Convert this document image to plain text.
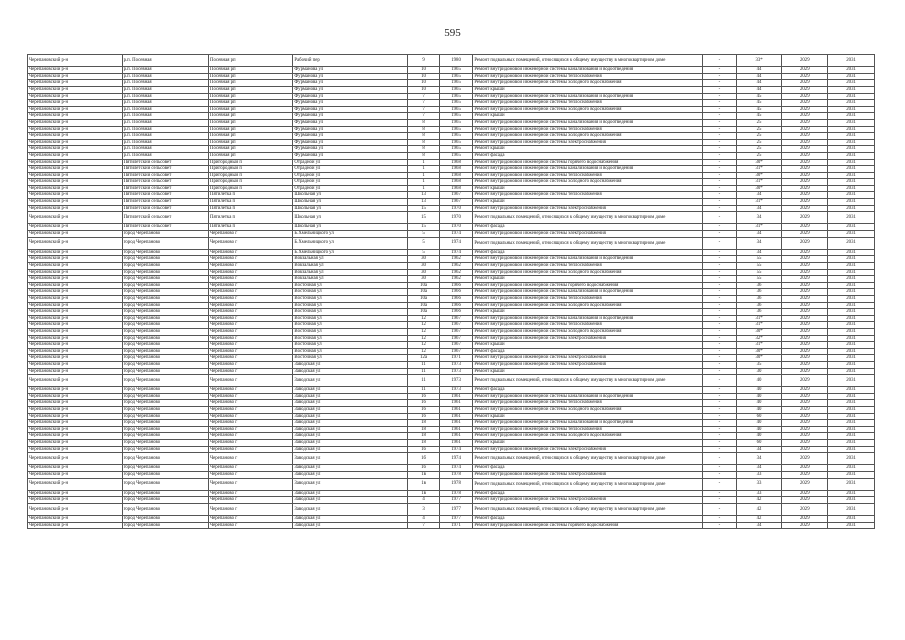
595
Черепановский р-н	р.п. Посевная	Посевная рп	Рабочий пер	9	1980	Ремонт подвальных помещений, относящихся к общему имуществу в многоквартирном доме	-	33*	2029	2031
Черепановский р-н	р.п. Посевная	Посевная рп	Фурманова ул	10	1965	Ремонт внутридомовой инженерной системы канализования и водоотведения	-	44	2029	2031
Черепановский р-н	р.п. Посевная	Посевная рп	Фурманова ул	10	1965	Ремонт внутридомовой инженерной системы теплоснабжения	-	44	2029	2031
Черепановский р-н	р.п. Посевная	Посевная рп	Фурманова ул	10	1965	Ремонт внутридомовой инженерной системы холодного водоснабжения	-	44	2029	2031
Черепановский р-н	р.п. Посевная	Посевная рп	Фурманова ул	10	1965	Ремонт крыши	-	44	2029	2031
Черепановский р-н	р.п. Посевная	Посевная рп	Фурманова ул	7	1965	Ремонт внутридомовой инженерной системы канализования и водоотведения	-	45	2029	2031
Черепановский р-н	р.п. Посевная	Посевная рп	Фурманова ул	7	1965	Ремонт внутридомовой инженерной системы теплоснабжения	-	45	2029	2031
Черепановский р-н	р.п. Посевная	Посевная рп	Фурманова ул	7	1965	Ремонт внутридомовой инженерной системы холодного водоснабжения	-	45	2029	2031
Черепановский р-н	р.п. Посевная	Посевная рп	Фурманова ул	7	1965	Ремонт крыши	-	45	2029	2031
Черепановский р-н	р.п. Посевная	Посевная рп	Фурманова ул	8	1965	Ремонт внутридомовой инженерной системы канализования и водоотведения	-	25	2029	2031
Черепановский р-н	р.п. Посевная	Посевная рп	Фурманова ул	8	1965	Ремонт внутридомовой инженерной системы теплоснабжения	-	25	2029	2031
Черепановский р-н	р.п. Посевная	Посевная рп	Фурманова ул	8	1965	Ремонт внутридомовой инженерной системы холодного водоснабжения	-	25	2029	2031
Черепановский р-н	р.п. Посевная	Посевная рп	Фурманова ул	8	1965	Ремонт внутридомовой инженерной системы электроснабжения	-	25	2029	2031
Черепановский р-н	р.п. Посевная	Посевная рп	Фурманова ул	8	1965	Ремонт крыши	-	25	2029	2031
Черепановский р-н	р.п. Посевная	Посевная рп	Фурманова ул	8	1965	Ремонт фасада	-	25	2029	2031
Черепановский р-н	Пятилетский сельсовет	Пригородный п	Отрадной ул	1	1968	Ремонт внутридомовой инженерной системы горячего водоснабжения	-	30*	2029	2031
Черепановский р-н	Пятилетский сельсовет	Пригородный п	Отрадной ул	1	1968	Ремонт внутридомовой инженерной системы канализования и водоотведения	-	31*	2029	2031
Черепановский р-н	Пятилетский сельсовет	Пригородный п	Отрадной ул	1	1968	Ремонт внутридомовой инженерной системы теплоснабжения	-	30*	2029	2031
Черепановский р-н	Пятилетский сельсовет	Пригородный п	Отрадной ул	1	1968	Ремонт внутридомовой инженерной системы холодного водоснабжения	-	31*	2029	2031
Черепановский р-н	Пятилетский сельсовет	Пригородный п	Отрадной ул	1	1968	Ремонт крыши	-	30*	2029	2031
Черепановский р-н	Пятилетский сельсовет	Пятилетка п	Школьная ул	13	1967	Ремонт внутридомовой инженерной системы теплоснабжения	-	34	2029	2031
Черепановский р-н	Пятилетский сельсовет	Пятилетка п	Школьная ул	13	1967	Ремонт крыши	-	31*	2029	2031
Черепановский р-н	Пятилетский сельсовет	Пятилетка п	Школьная ул	15	1970	Ремонт внутридомовой инженерной системы электроснабжения	-	34	2029	2031
Черепановский р-н	Пятилетский сельсовет	Пятилетка п	Школьная ул	15	1970	Ремонт подвальных помещений, относящихся к общему имуществу в многоквартирном доме	-	34	2029	2031
Черепановский р-н	Пятилетский сельсовет	Пятилетка п	Школьная ул	15	1970	Ремонт фасада	-	31*	2029	2031
Черепановский р-н	город Черепаново	Черепаново г	Б.Хмельницкого ул	5	1974	Ремонт внутридомовой инженерной системы электроснабжения	-	34	2029	2031
Черепановский р-н	город Черепаново	Черепаново г	Б.Хмельницкого ул	5	1974	Ремонт подвальных помещений, относящихся к общему имуществу в многоквартирном доме	-	34	2029	2031
Черепановский р-н	город Черепаново	Черепаново г	Б.Хмельницкого ул	5	1974	Ремонт фасада	-	34	2029	2031
Черепановский р-н	город Черепаново	Черепаново г	Вокзальная ул	30	1962	Ремонт внутридомовой инженерной системы канализования и водоотведения	-	55	2029	2031
Черепановский р-н	город Черепаново	Черепаново г	Вокзальная ул	30	1962	Ремонт внутридомовой инженерной системы теплоснабжения	-	55	2029	2031
Черепановский р-н	город Черепаново	Черепаново г	Вокзальная ул	30	1962	Ремонт внутридомовой инженерной системы холодного водоснабжения	-	55	2029	2031
Черепановский р-н	город Черепаново	Черепаново г	Вокзальная ул	30	1962	Ремонт крыши	-	55	2029	2031
Черепановский р-н	город Черепаново	Черепаново г	Восточная ул	10а	1966	Ремонт внутридомовой инженерной системы горячего водоснабжения	-	36	2029	2031
Черепановский р-н	город Черепаново	Черепаново г	Восточная ул	10а	1966	Ремонт внутридомовой инженерной системы канализования и водоотведения	-	36	2029	2031
Черепановский р-н	город Черепаново	Черепаново г	Восточная ул	10а	1966	Ремонт внутридомовой инженерной системы теплоснабжения	-	36	2029	2031
Черепановский р-н	город Черепаново	Черепаново г	Восточная ул	10а	1966	Ремонт внутридомовой инженерной системы холодного водоснабжения	-	36	2029	2031
Черепановский р-н	город Черепаново	Черепаново г	Восточная ул	10а	1966	Ремонт крыши	-	36	2029	2031
Черепановский р-н	город Черепаново	Черепаново г	Восточная ул	12	1967	Ремонт внутридомовой инженерной системы канализования и водоотведения	-	31*	2029	2031
Черепановский р-н	город Черепаново	Черепаново г	Восточная ул	12	1967	Ремонт внутридомовой инженерной системы теплоснабжения	-	31*	2029	2031
Черепановский р-н	город Черепаново	Черепаново г	Восточная ул	12	1967	Ремонт внутридомовой инженерной системы холодного водоснабжения	-	30*	2029	2031
Черепановский р-н	город Черепаново	Черепаново г	Восточная ул	12	1967	Ремонт внутридомовой инженерной системы электроснабжения	-	32*	2029	2031
Черепановский р-н	город Черепаново	Черепаново г	Восточная ул	12	1967	Ремонт крыши	-	31*	2029	2031
Черепановский р-н	город Черепаново	Черепаново г	Восточная ул	12	1967	Ремонт фасада	-	30*	2029	2031
Черепановский р-н	город Черепаново	Черепаново г	Восточная ул	12а	1971	Ремонт внутридомовой инженерной системы электроснабжения	-	30*	2029	2031
Черепановский р-н	город Черепаново	Черепаново г	Заводская ул	11	1973	Ремонт внутридомовой инженерной системы электроснабжения	-	35	2029	2031
Черепановский р-н	город Черепаново	Черепаново г	Заводская ул	11	1973	Ремонт крыши	-	30	2029	2031
Черепановский р-н	город Черепаново	Черепаново г	Заводская ул	11	1973	Ремонт подвальных помещений, относящихся к общему имуществу в многоквартирном доме	-	40	2029	2031
Черепановский р-н	город Черепаново	Черепаново г	Заводская ул	11	1973	Ремонт фасада	-	40	2029	2031
Черепановский р-н	город Черепаново	Черепаново г	Заводская ул	16	1961	Ремонт внутридомовой инженерной системы канализования и водоотведения	-	40	2029	2031
Черепановский р-н	город Черепаново	Черепаново г	Заводская ул	16	1961	Ремонт внутридомовой инженерной системы теплоснабжения	-	40	2029	2031
Черепановский р-н	город Черепаново	Черепаново г	Заводская ул	16	1961	Ремонт внутридомовой инженерной системы холодного водоснабжения	-	40	2029	2031
Черепановский р-н	город Черепаново	Черепаново г	Заводская ул	16	1961	Ремонт крыши	-	60	2029	2031
Черепановский р-н	город Черепаново	Черепаново г	Заводская ул	18	1961	Ремонт внутридомовой инженерной системы канализования и водоотведения	-	40	2029	2031
Черепановский р-н	город Черепаново	Черепаново г	Заводская ул	18	1961	Ремонт внутридомовой инженерной системы теплоснабжения	-	40	2029	2031
Черепановский р-н	город Черепаново	Черепаново г	Заводская ул	18	1961	Ремонт внутридомовой инженерной системы холодного водоснабжения	-	40	2029	2031
Черепановский р-н	город Черепаново	Черепаново г	Заводская ул	18	1961	Ремонт крыши	-	60	2029	2031
Черепановский р-н	город Черепаново	Черепаново г	Заводская ул	1б	1974	Ремонт внутридомовой инженерной системы электроснабжения	-	34	2029	2031
Черепановский р-н	город Черепаново	Черепаново г	Заводская ул	1б	1974	Ремонт подвальных помещений, относящихся к общему имуществу в многоквартирном доме	-	34	2029	2031
Черепановский р-н	город Черепаново	Черепаново г	Заводская ул	1б	1974	Ремонт фасада	-	34	2029	2031
Черепановский р-н	город Черепаново	Черепаново г	Заводская ул	1в	1978	Ремонт внутридомовой инженерной системы электроснабжения	-	33	2029	2031
Черепановский р-н	город Черепаново	Черепаново г	Заводская ул	1в	1978	Ремонт подвальных помещений, относящихся к общему имуществу в многоквартирном доме	-	33	2029	2031
Черепановский р-н	город Черепаново	Черепаново г	Заводская ул	1в	1978	Ремонт фасада	-	33	2029	2031
Черепановский р-н	город Черепаново	Черепаново г	Заводская ул	4	1977	Ремонт внутридомовой инженерной системы электроснабжения	-	42	2029	2031
Черепановский р-н	город Черепаново	Черепаново г	Заводская ул	3	1977	Ремонт подвальных помещений, относящихся к общему имуществу в многоквартирном доме	-	42	2029	2031
Черепановский р-н	город Черепаново	Черепаново г	Заводская ул	4	1977	Ремонт фасада	-	42	2029	2031
Черепановский р-н	город Черепаново	Черепаново г	Заводская ул	7	1971	Ремонт внутридомовой инженерной системы горячего водоснабжения	-	34	2029	2031
